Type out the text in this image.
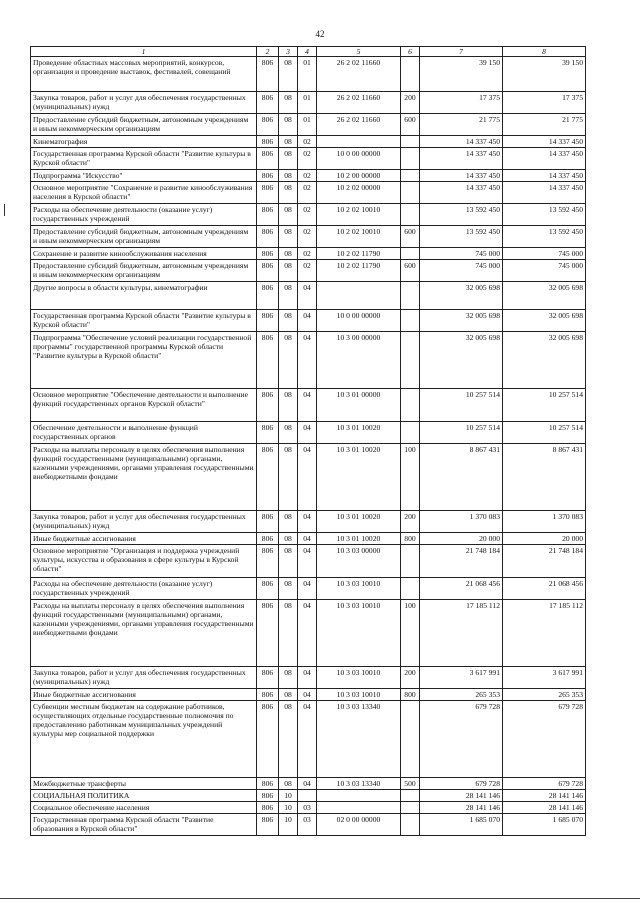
42
1	2	3	4	5	6	7	8
Проведение областных массовых мероприятий, конкурсов, организация и проведение выставок, фестивалей, совещаний	806	08	01	26 2 02 11660		39 150	39 150
Закупка товаров, работ и услуг для обеспечения государственных (муниципальных) нужд	806	08	01	26 2 02 11660	200	17 375	17 375
Предоставление субсидий бюджетным, автономным учреждениям и иным некоммерческим организациям	806	08	01	26 2 02 11660	600	21 775	21 775
Кинематография	806	08	02			14 337 450	14 337 450
Государственная программа Курской области "Развитие культуры в Курской области"	806	08	02	10 0 00 00000		14 337 450	14 337 450
Подпрограмма "Искусство"	806	08	02	10 2 00 00000		14 337 450	14 337 450
Основное мероприятие "Сохранение и развитие кинообслуживания населения в Курской области"	806	08	02	10 2 02 00000		14 337 450	14 337 450
Расходы на обеспечение деятельности (оказание услуг) государственных учреждений	806	08	02	10 2 02 10010		13 592 450	13 592 450
Предоставление субсидий бюджетным, автономным учреждениям и иным некоммерческим организациям	806	08	02	10 2 02 10010	600	13 592 450	13 592 450
Сохранение и развитие кинообслуживания населения	806	08	02	10 2 02 11790		745 000	745 000
Предоставление субсидий бюджетным, автономным учреждениям и иным некоммерческим организациям	806	08	02	10 2 02 11790	600	745 000	745 000
Другие вопросы в области культуры, кинематографии	806	08	04			32 005 698	32 005 698
Государственная программа Курской области "Развитие культуры в Курской области"	806	08	04	10 0 00 00000		32 005 698	32 005 698
Подпрограмма "Обеспечение условий реализации государственной программы" государственной программы Курской области "Развитие культуры в Курской области"	806	08	04	10 3 00 00000		32 005 698	32 005 698
Основное мероприятие "Обеспечение деятельности и выполнение функций государственных органов Курской области"	806	08	04	10 3 01 00000		10 257 514	10 257 514
Обеспечение деятельности и выполнение функций государственных органов	806	08	04	10 3 01 10020		10 257 514	10 257 514
Расходы на выплаты персоналу в целях обеспечения выполнения функций государственными (муниципальными) органами, казенными учреждениями, органами управления государственными внебюджетными фондами	806	08	04	10 3 01 10020	100	8 867 431	8 867 431
Закупка товаров, работ и услуг для обеспечения государственных (муниципальных) нужд	806	08	04	10 3 01 10020	200	1 370 083	1 370 083
Иные бюджетные ассигнования	806	08	04	10 3 01 10020	800	20 000	20 000
Основное мероприятие "Организация и поддержка учреждений культуры, искусства и образования в сфере культуры в Курской области"	806	08	04	10 3 03 00000		21 748 184	21 748 184
Расходы на обеспечение деятельности (оказание услуг) государственных учреждений	806	08	04	10 3 03 10010		21 068 456	21 068 456
Расходы на выплаты персоналу в целях обеспечения выполнения функций государственными (муниципальными) органами, казенными учреждениями, органами управления государственными внебюджетными фондами	806	08	04	10 3 03 10010	100	17 185 112	17 185 112
Закупка товаров, работ и услуг для обеспечения государственных (муниципальных) нужд	806	08	04	10 3 03 10010	200	3 617 991	3 617 991
Иные бюджетные ассигнования	806	08	04	10 3 03 10010	800	265 353	265 353
Субвенции местным бюджетам на содержание работников, осуществляющих отдельные государственные полномочия по предоставлению работникам муниципальных учреждений культуры мер социальной поддержки	806	08	04	10 3 03 13340		679 728	679 728
Межбюджетные трансферты	806	08	04	10 3 03 13340	500	679 728	679 728
СОЦИАЛЬНАЯ ПОЛИТИКА	806	10				28 141 146	28 141 146
Социальное обеспечение населения	806	10	03			28 141 146	28 141 146
Государственная программа Курской области "Развитие образования в Курской области"	806	10	03	02 0 00 00000		1 685 070	1 685 070
